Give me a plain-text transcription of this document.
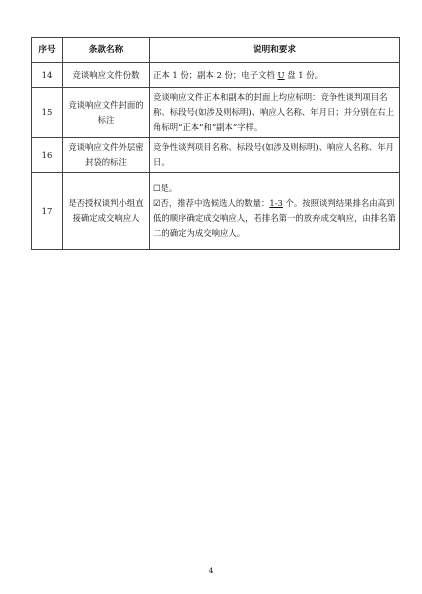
序号	条款名称	说明和要求
14	竞谈响应文件份数	正本 1 份；副本 2 份；电子文档 U 盘 1 份。
15	竞谈响应文件封面的标注	竞谈响应文件正本和副本的封面上均应标明：竞争性谈判项目名称、标段号(如涉及则标明)、响应人名称、年月日；并分别在右上角标明“正本”和“副本”字样。
16	竞谈响应文件外层密封袋的标注	竞争性谈判项目名称、标段号(如涉及则标明)、响应人名称、年月日。
17	是否授权谈判小组直接确定成交响应人	☐是。
☑否，推荐中选候选人的数量：1-3 个。按照谈判结果排名由高到低的顺序确定成交响应人，若排名第一的放弃成交响应，由排名第二的确定为成交响应人。
4
